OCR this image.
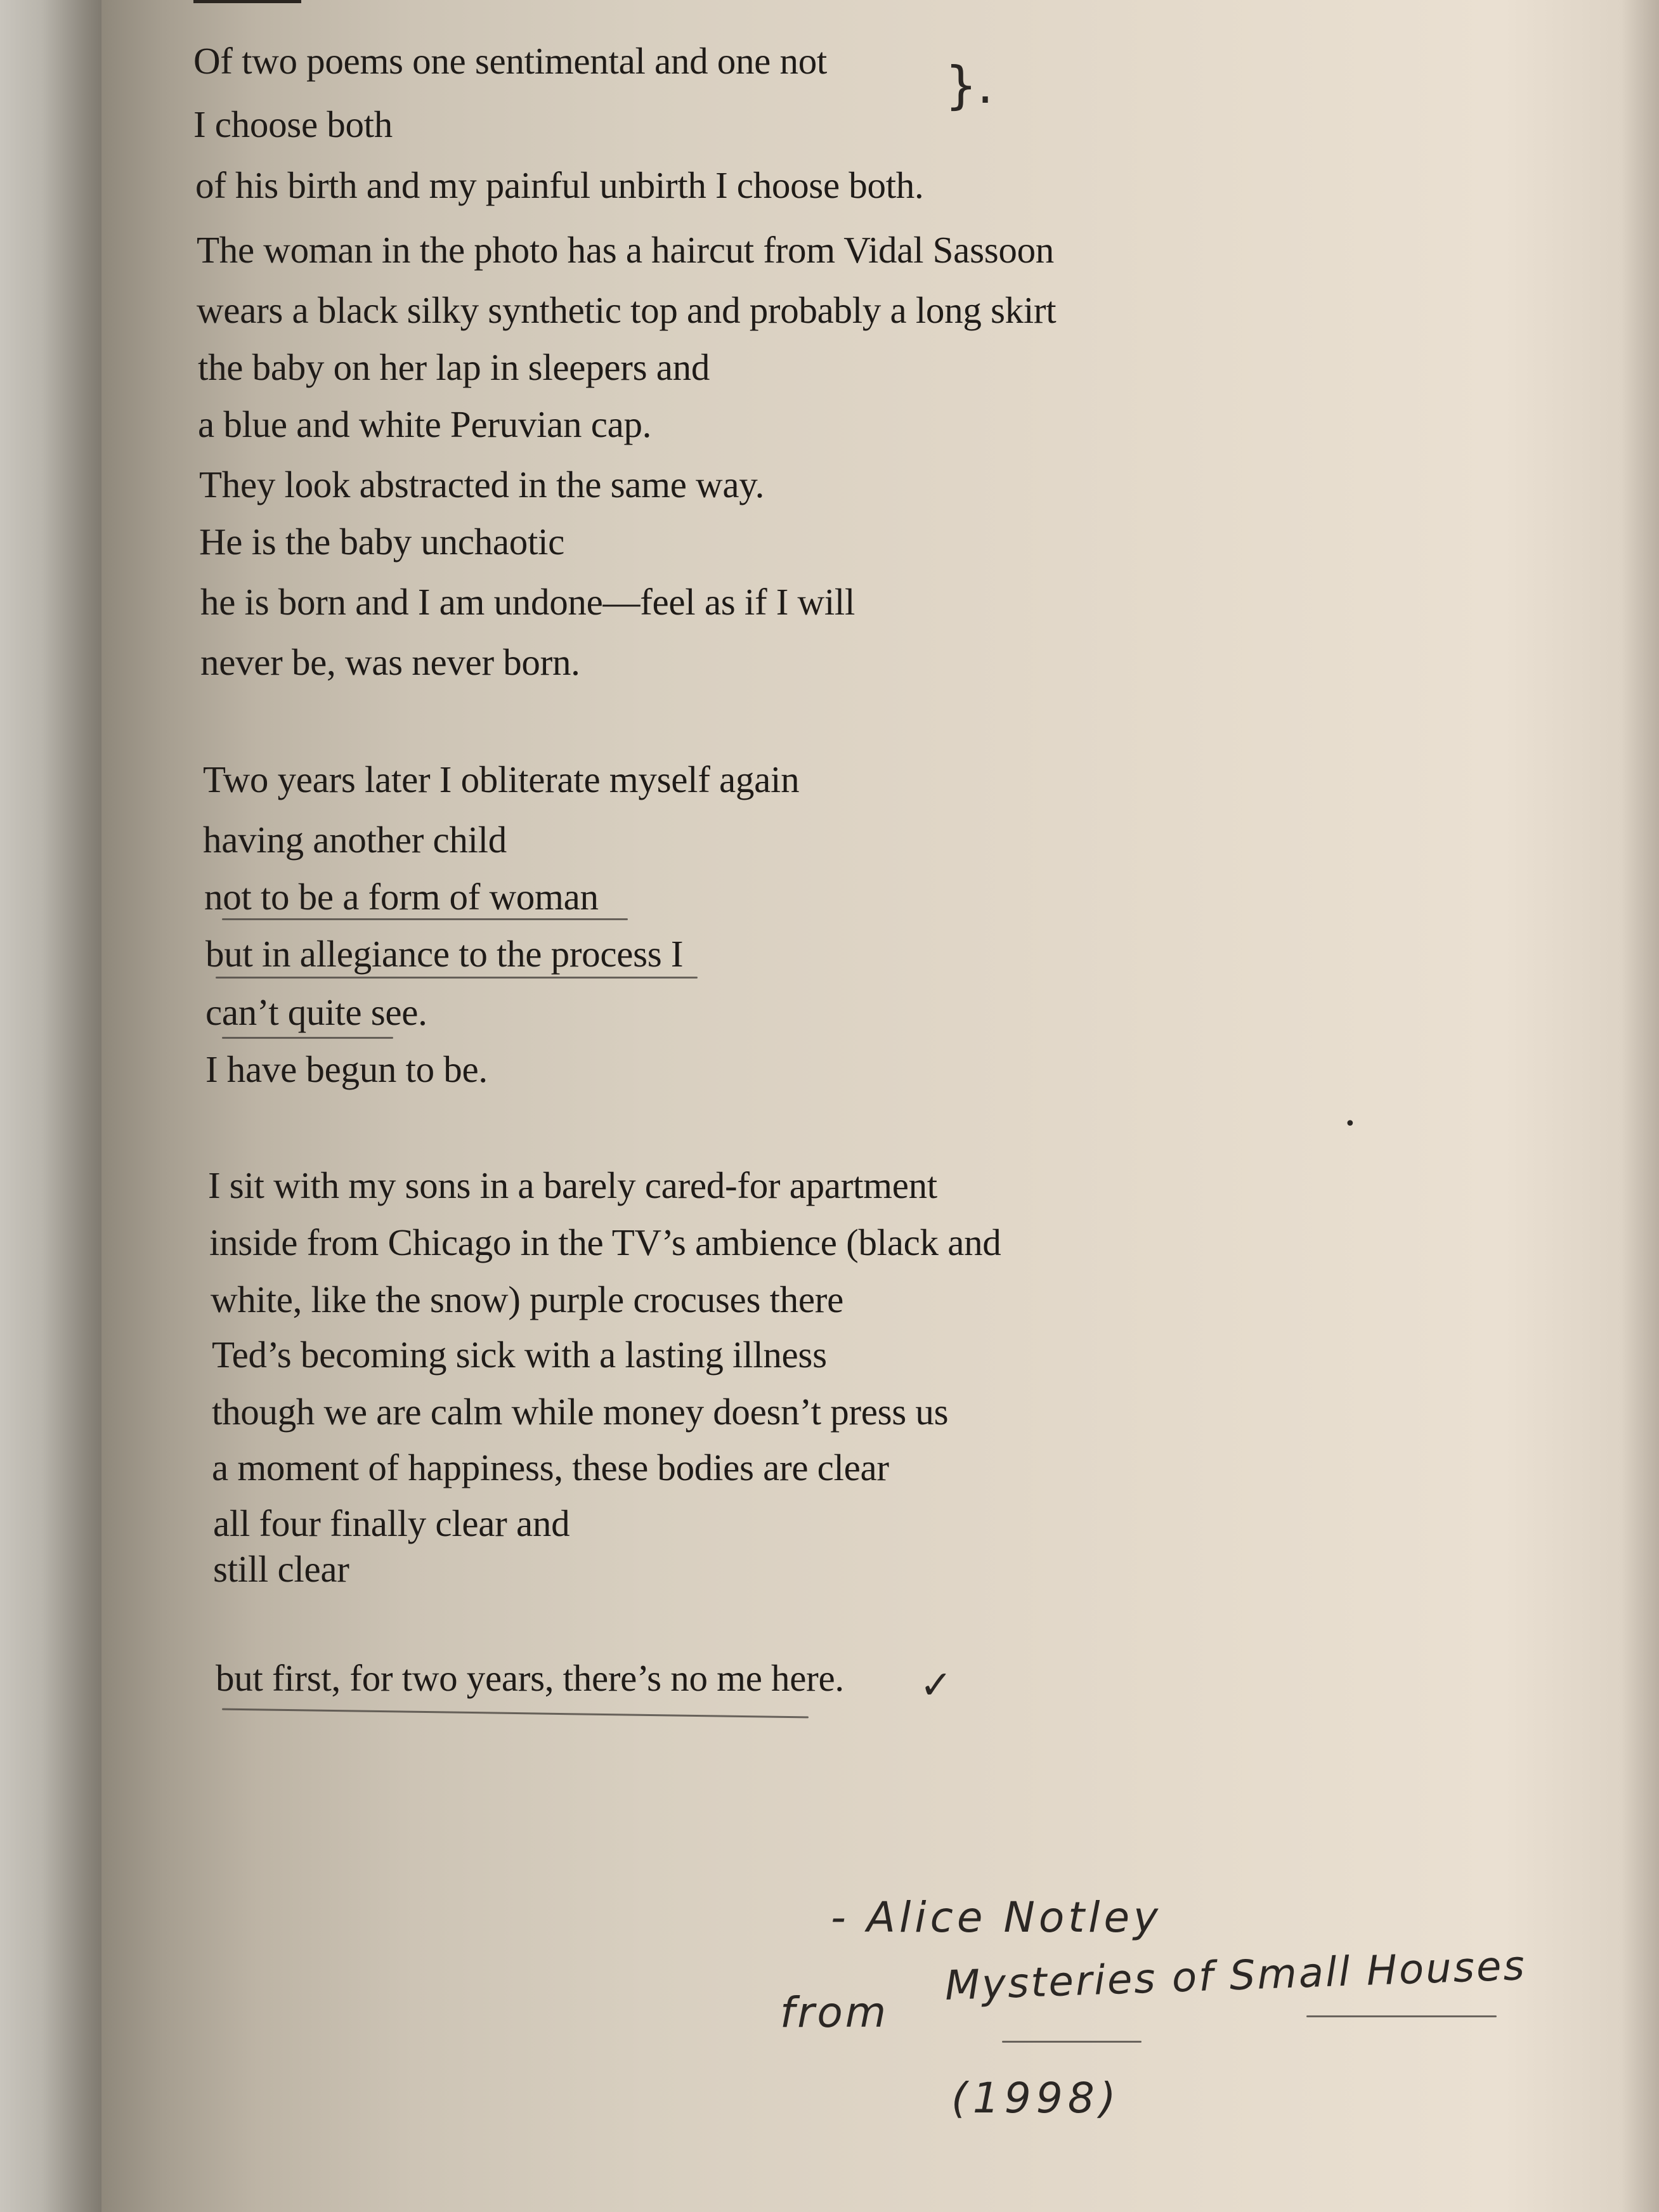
Of two poems one sentimental and one not
I choose both
of his birth and my painful unbirth I choose both.
The woman in the photo has a haircut from Vidal Sassoon
wears a black silky synthetic top and probably a long skirt
the baby on her lap in sleepers and
a blue and white Peruvian cap.
They look abstracted in the same way.
He is the baby unchaotic
he is born and I am undone—feel as if I will
never be, was never born.
Two years later I obliterate myself again
having another child
not to be a form of woman
but in allegiance to the process I
can’t quite see.
I have begun to be.
I sit with my sons in a barely cared-for apartment
inside from Chicago in the TV’s ambience (black and
white, like the snow) purple crocuses there
Ted’s becoming sick with a lasting illness
though we are calm while money doesn’t press us
a moment of happiness, these bodies are clear
all four finally clear and
still clear
but first, for two years, there’s no me here.
}.
✓
•
- Alice Notley
from
Mysteries of Small Houses
(1998)
